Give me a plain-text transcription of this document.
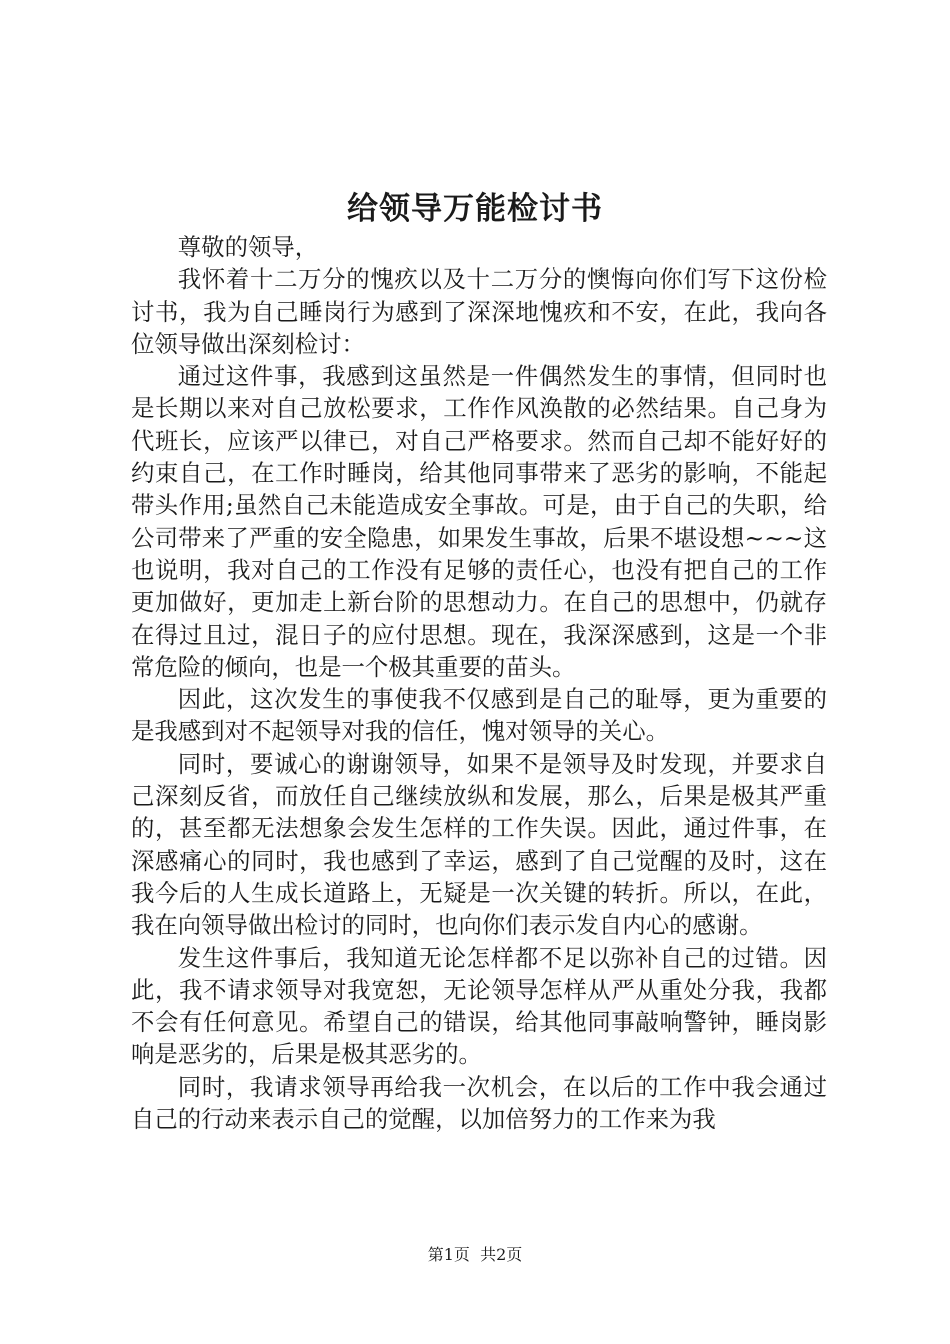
给领导万能检讨书

尊敬的领导，

我怀着十二万分的愧疚以及十二万分的懊悔向你们写下这份检讨书，我为自己睡岗行为感到了深深地愧疚和不安，在此，我向各位领导做出深刻检讨：

通过这件事，我感到这虽然是一件偶然发生的事情，但同时也是长期以来对自己放松要求，工作作风涣散的必然结果。自己身为代班长，应该严以律已，对自己严格要求。然而自己却不能好好的约束自己，在工作时睡岗，给其他同事带来了恶劣的影响，不能起带头作用;虽然自己未能造成安全事故。可是，由于自己的失职，给公司带来了严重的安全隐患，如果发生事故，后果不堪设想~~~这也说明，我对自己的工作没有足够的责任心，也没有把自己的工作更加做好，更加走上新台阶的思想动力。在自己的思想中，仍就存在得过且过，混日子的应付思想。现在，我深深感到，这是一个非常危险的倾向，也是一个极其重要的苗头。

因此，这次发生的事使我不仅感到是自己的耻辱，更为重要的是我感到对不起领导对我的信任，愧对领导的关心。

同时，要诚心的谢谢领导，如果不是领导及时发现，并要求自己深刻反省，而放任自己继续放纵和发展，那么，后果是极其严重的，甚至都无法想象会发生怎样的工作失误。因此，通过件事，在深感痛心的同时，我也感到了幸运，感到了自己觉醒的及时，这在我今后的人生成长道路上，无疑是一次关键的转折。所以，在此，我在向领导做出检讨的同时，也向你们表示发自内心的感谢。

发生这件事后，我知道无论怎样都不足以弥补自己的过错。因此，我不请求领导对我宽恕，无论领导怎样从严从重处分我，我都不会有任何意见。希望自己的错误，给其他同事敲响警钟，睡岗影响是恶劣的，后果是极其恶劣的。

同时，我请求领导再给我一次机会，在以后的工作中我会通过自己的行动来表示自己的觉醒，以加倍努力的工作来为我

第1页 共2页
